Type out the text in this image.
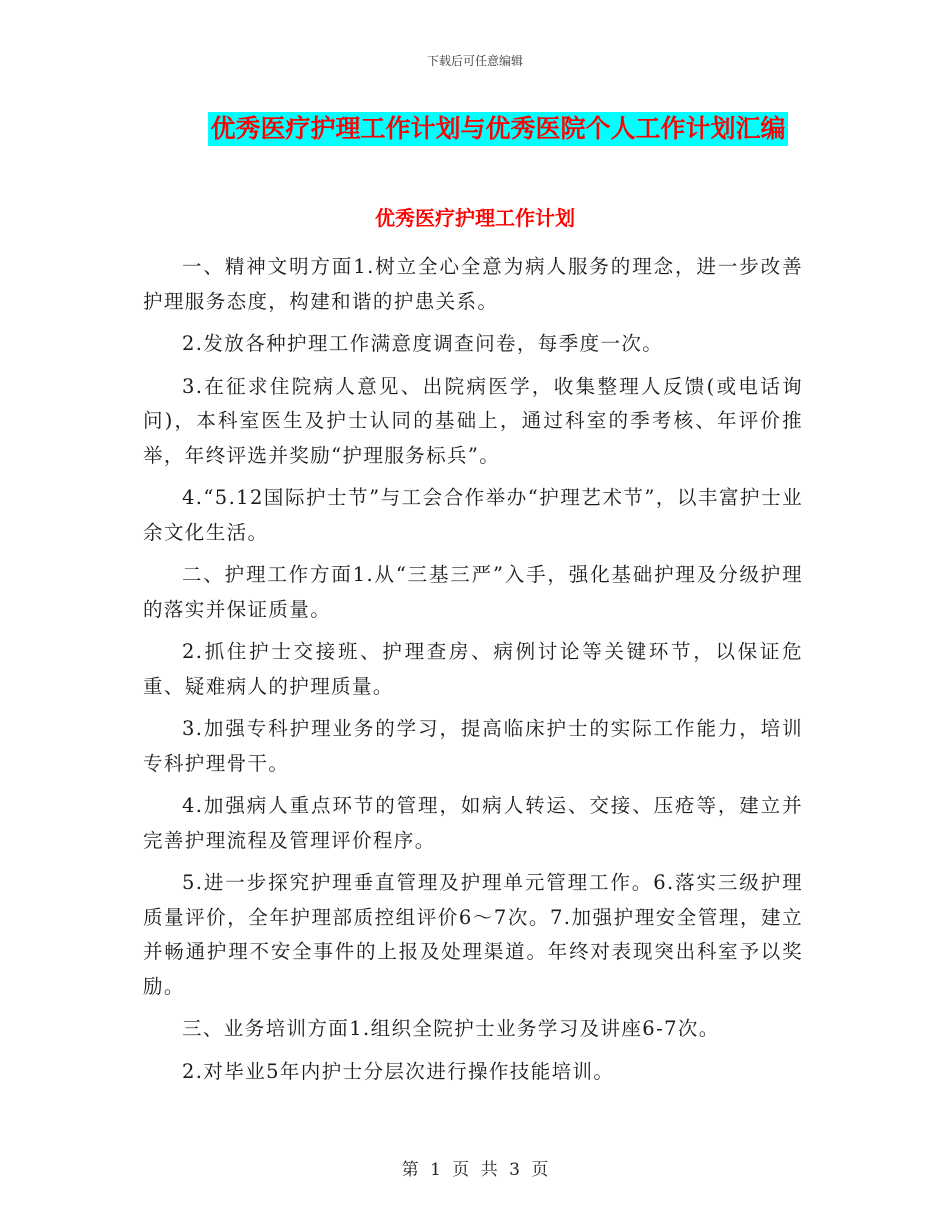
下载后可任意编辑
优秀医疗护理工作计划与优秀医院个人工作计划汇编
优秀医疗护理工作计划

一、精神文明方面1.树立全心全意为病人服务的理念，进一步改善护理服务态度，构建和谐的护患关系。

2.发放各种护理工作满意度调查问卷，每季度一次。

3.在征求住院病人意见、出院病医学，收集整理人反馈(或电话询问)，本科室医生及护士认同的基础上，通过科室的季考核、年评价推举，年终评选并奖励“护理服务标兵”。

4.“5.12国际护士节”与工会合作举办“护理艺术节”，以丰富护士业余文化生活。

二、护理工作方面1.从“三基三严”入手，强化基础护理及分级护理的落实并保证质量。

2.抓住护士交接班、护理查房、病例讨论等关键环节，以保证危重、疑难病人的护理质量。

3.加强专科护理业务的学习，提高临床护士的实际工作能力，培训专科护理骨干。

4.加强病人重点环节的管理，如病人转运、交接、压疮等，建立并完善护理流程及管理评价程序。

5.进一步探究护理垂直管理及护理单元管理工作。6.落实三级护理质量评价，全年护理部质控组评价6～7次。7.加强护理安全管理，建立并畅通护理不安全事件的上报及处理渠道。年终对表现突出科室予以奖励。

三、业务培训方面1.组织全院护士业务学习及讲座6-7次。

2.对毕业5年内护士分层次进行操作技能培训。

第 1 页 共 3 页
